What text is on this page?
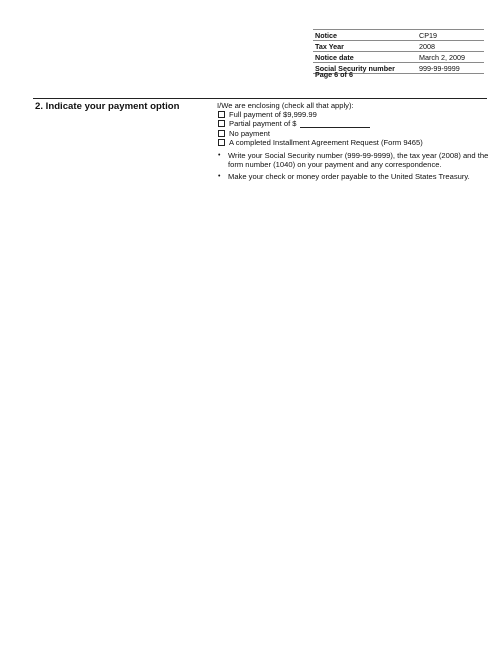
Notice	CP19
Tax Year	2008
Notice date	March 2, 2009
Social Security number	999-99-9999
Page 6 of 6
2. Indicate your payment option	I/We are enclosing (check all that apply):

Full payment of $9,999.99
Partial payment of $
No payment
A completed Installment Agreement Request (Form 9465)
• Write your Social Security number (999-99-9999), the tax year (2008) and the form number (1040) on your payment and any correspondence.
• Make your check or money order payable to the United States Treasury.
